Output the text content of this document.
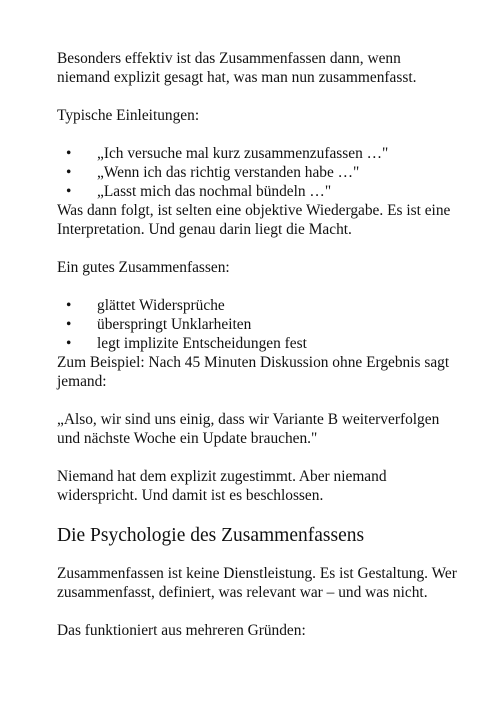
Besonders effektiv ist das Zusammenfassen dann, wenn niemand explizit gesagt hat, was man nun zusammenfasst.

Typische Einleitungen:

• „Ich versuche mal kurz zusammenzufassen …"
• „Wenn ich das richtig verstanden habe …"
• „Lasst mich das nochmal bündeln …"

Was dann folgt, ist selten eine objektive Wiedergabe. Es ist eine Interpretation. Und genau darin liegt die Macht.

Ein gutes Zusammenfassen:

• glättet Widersprüche
• überspringt Unklarheiten
• legt implizite Entscheidungen fest

Zum Beispiel: Nach 45 Minuten Diskussion ohne Ergebnis sagt jemand:

„Also, wir sind uns einig, dass wir Variante B weiterverfolgen und nächste Woche ein Update brauchen."

Niemand hat dem explizit zugestimmt. Aber niemand widerspricht. Und damit ist es beschlossen.

Die Psychologie des Zusammenfassens

Zusammenfassen ist keine Dienstleistung. Es ist Gestaltung. Wer zusammenfasst, definiert, was relevant war – und was nicht.

Das funktioniert aus mehreren Gründen:
